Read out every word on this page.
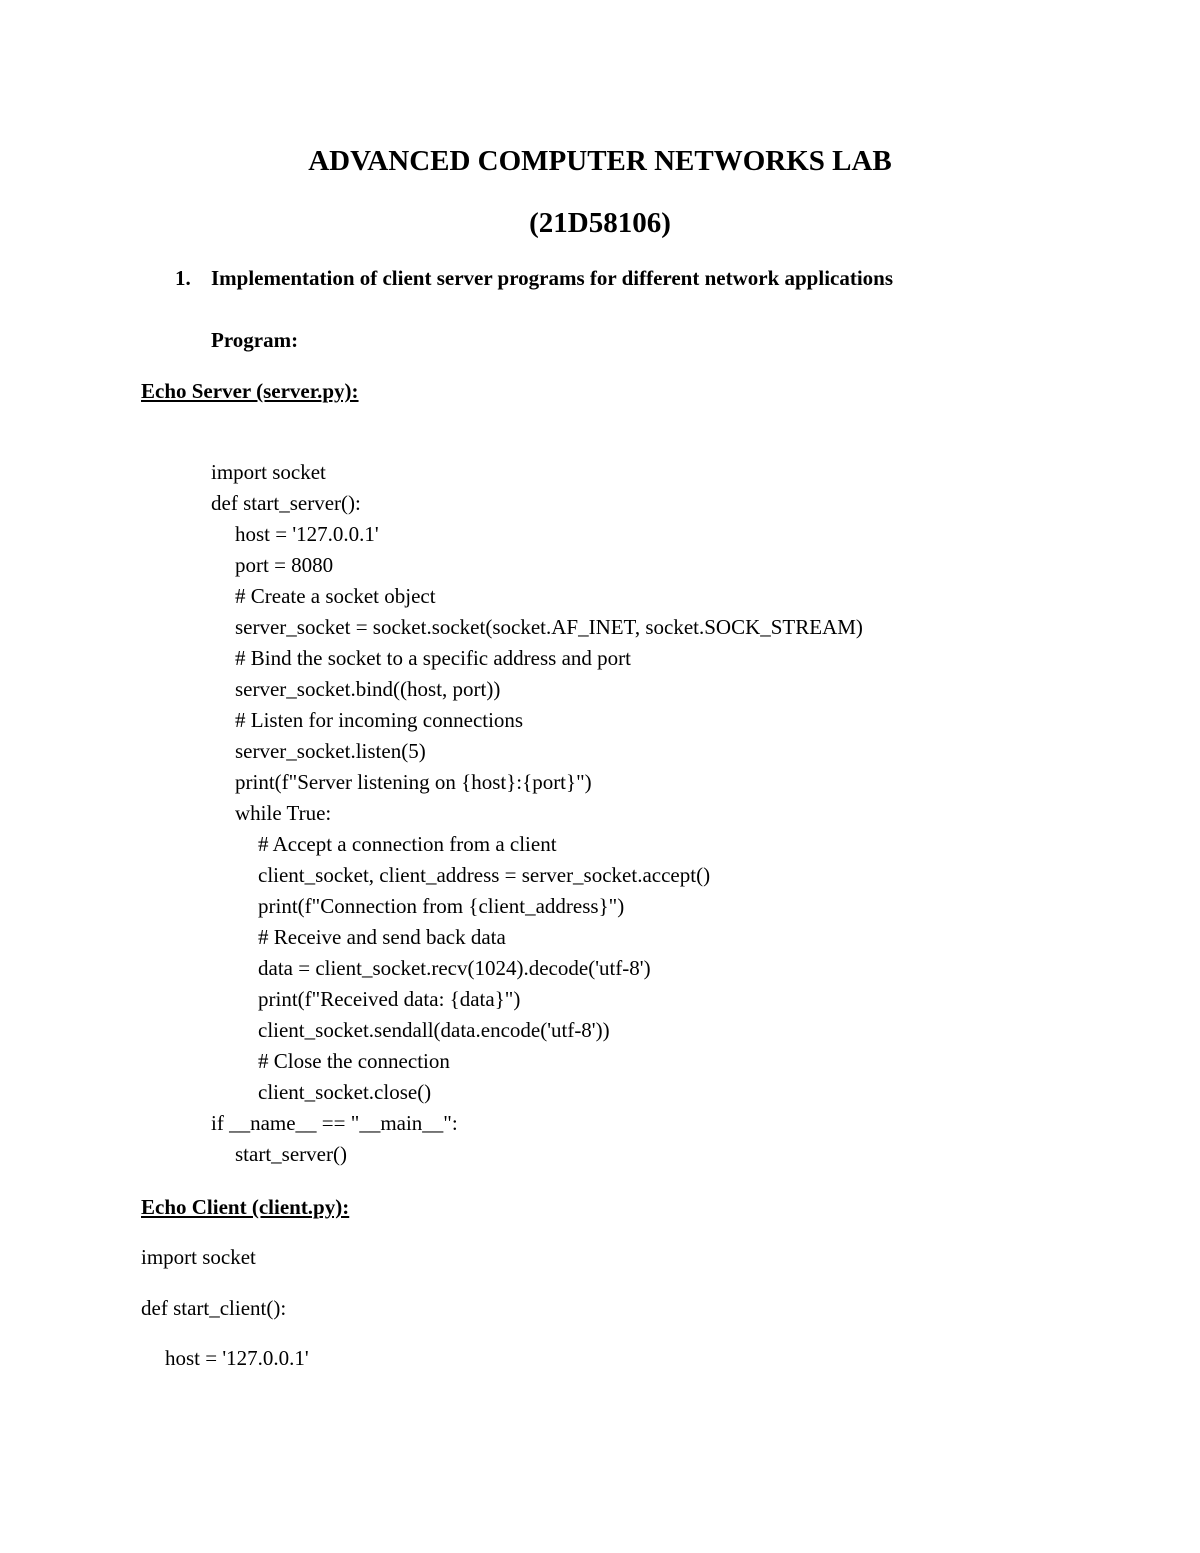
ADVANCED COMPUTER NETWORKS LAB
(21D58106)
1. Implementation of client server programs for different network applications
Program:
Echo Server (server.py):
import socket
def start_server():
host = '127.0.0.1'
port = 8080
# Create a socket object
server_socket = socket.socket(socket.AF_INET, socket.SOCK_STREAM)
# Bind the socket to a specific address and port
server_socket.bind((host, port))
# Listen for incoming connections
server_socket.listen(5)
print(f"Server listening on {host}:{port}")
while True:
# Accept a connection from a client
client_socket, client_address = server_socket.accept()
print(f"Connection from {client_address}")
# Receive and send back data
data = client_socket.recv(1024).decode('utf-8')
print(f"Received data: {data}")
client_socket.sendall(data.encode('utf-8'))
# Close the connection
client_socket.close()
if __name__ == "__main__":
start_server()
Echo Client (client.py):
import socket
def start_client():
host = '127.0.0.1'
